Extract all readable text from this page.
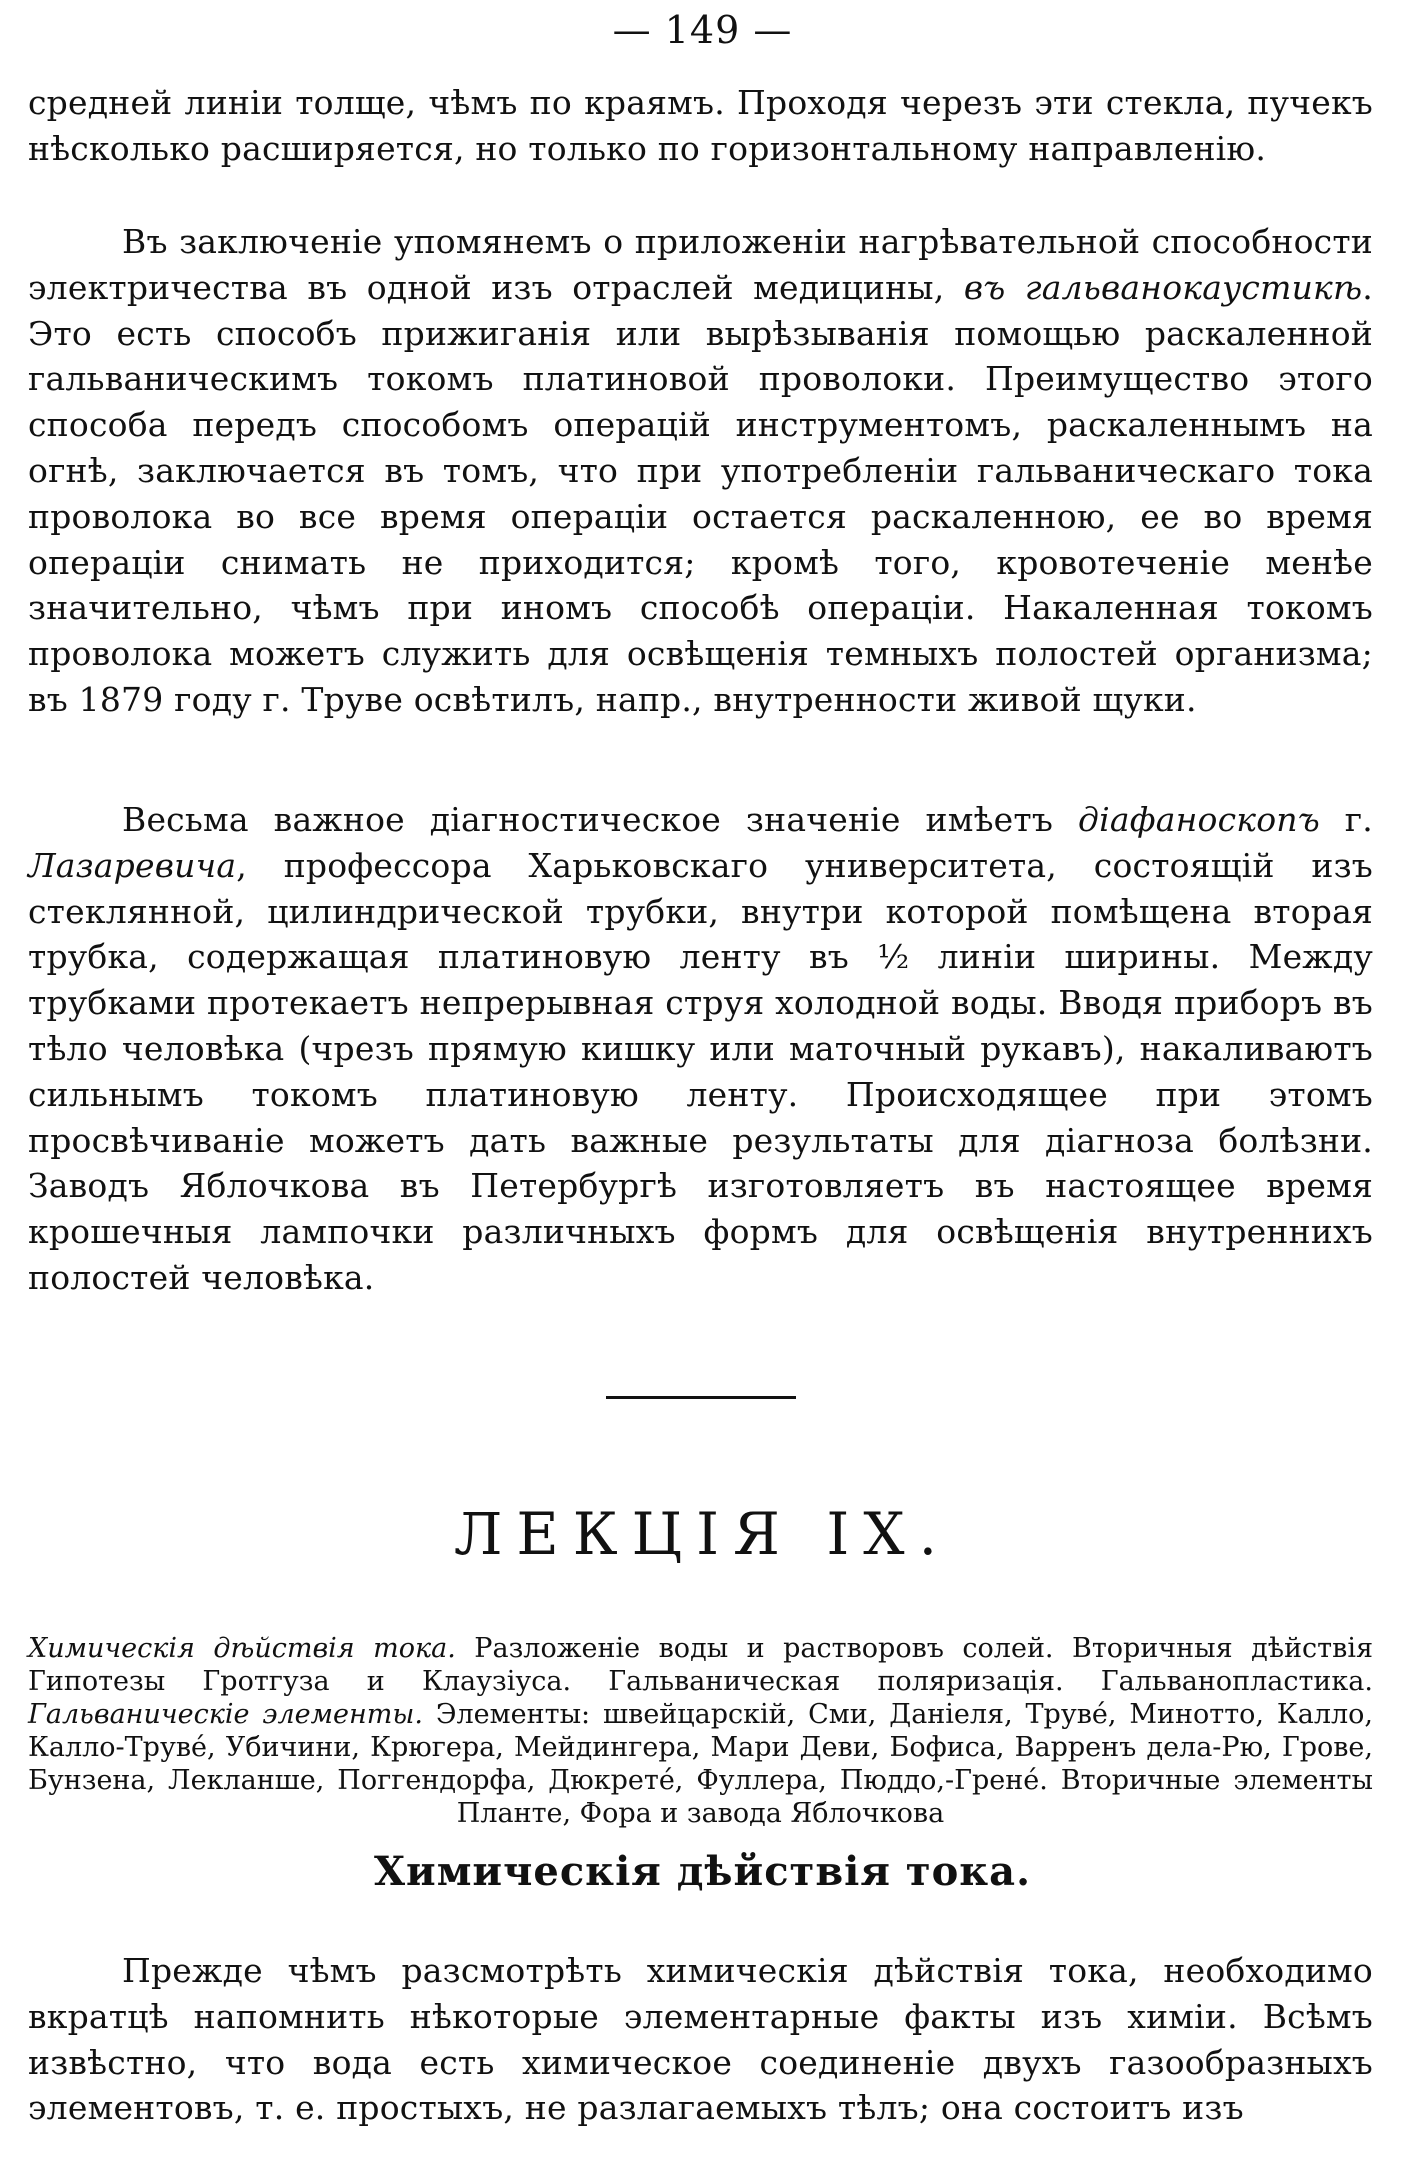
— 149 —

средней линіи толще, чѣмъ по краямъ. Проходя черезъ эти стекла, пучекъ нѣсколько расширяется, но только по горизонтальному направленію.

Въ заключеніе упомянемъ о приложеніи нагрѣвательной способности электричества въ одной изъ отраслей медицины, въ гальванокаустикѣ. Это есть способъ прижиганія или вырѣзыванія помощью раскаленной гальваническимъ токомъ платиновой проволоки. Преимущество этого способа передъ способомъ операцій инструментомъ, раскаленнымъ на огнѣ, заключается въ томъ, что при употребленіи гальваническаго тока проволока во все время операціи остается раскаленною, ее во время операціи снимать не приходится; кромѣ того, кровотеченіе менѣе значительно, чѣмъ при иномъ способѣ операціи. Накаленная токомъ проволока можетъ служить для освѣщенія темныхъ полостей организма; въ 1879 году г. Труве освѣтилъ, напр., внутренности живой щуки.

Весьма важное діагностическое значеніе имѣетъ діафаноскопъ г. Лазаревича, профессора Харьковскаго университета, состоящій изъ стеклянной, цилиндрической трубки, внутри которой помѣщена вторая трубка, содержащая платиновую ленту въ ½ линіи ширины. Между трубками протекаетъ непрерывная струя холодной воды. Вводя приборъ въ тѣло человѣка (чрезъ прямую кишку или маточный рукавъ), накаливаютъ сильнымъ токомъ платиновую ленту. Происходящее при этомъ просвѣчиваніе можетъ дать важные результаты для діагноза болѣзни. Заводъ Яблочкова въ Петербургѣ изготовляетъ въ настоящее время крошечныя лампочки различныхъ формъ для освѣщенія внутреннихъ полостей человѣка.

ЛЕКЦІЯ IX.

Химическія дѣйствія тока. Разложеніе воды и растворовъ солей. Вторичныя дѣйствія Гипотезы Гротгуза и Клаузіуса. Гальваническая поляризація. Гальванопластика. Гальваническіе элементы. Элементы: швейцарскій, Сми, Даніеля, Трувé, Минотто, Калло, Калло-Трувé, Убичини, Крюгера, Мейдингера, Мари Деви, Бофиса, Варренъ дела-Рю, Грове, Бунзена, Лекланше, Поггендорфа, Дюкретé, Фуллера, Пюддо,-Гренé. Вторичные элементы Планте, Фора и завода Яблочкова

Химическія дѣйствія тока.

Прежде чѣмъ разсмотрѣть химическія дѣйствія тока, необходимо вкратцѣ напомнить нѣкоторые элементарные факты изъ химіи. Всѣмъ извѣстно, что вода есть химическое соединеніе двухъ газообразныхъ элементовъ, т. е. простыхъ, не разлагаемыхъ тѣлъ; она состоитъ изъ
